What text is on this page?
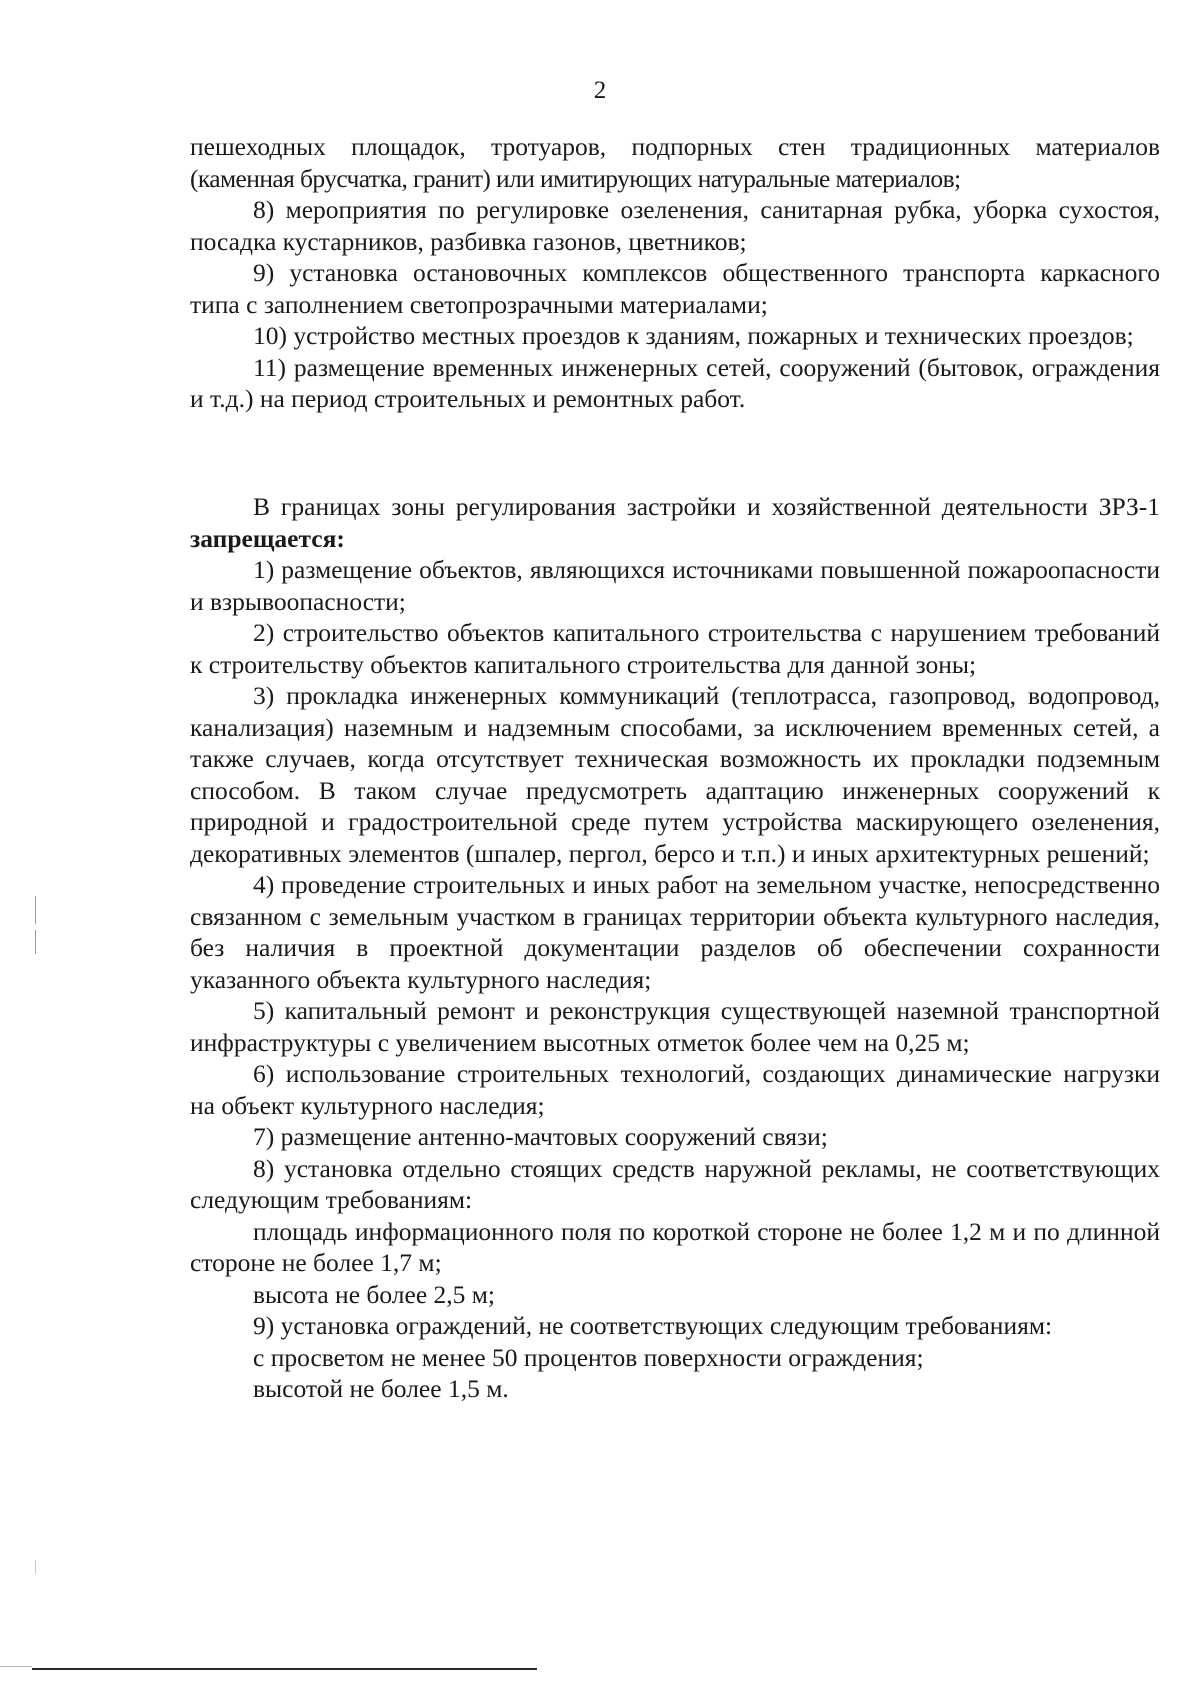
2

пешеходных площадок, тротуаров, подпорных стен традиционных материалов

(каменная брусчатка, гранит) или имитирующих натуральные материалов;

8) мероприятия по регулировке озеленения, санитарная рубка, уборка сухостоя, посадка кустарников, разбивка газонов, цветников;

9) установка остановочных комплексов общественного транспорта каркасного типа с заполнением светопрозрачными материалами;

10) устройство местных проездов к зданиям, пожарных и технических проездов;

11) размещение временных инженерных сетей, сооружений (бытовок, ограждения и т.д.) на период строительных и ремонтных работ.

В границах зоны регулирования застройки и хозяйственной деятельности ЗРЗ-1 запрещается:

1) размещение объектов, являющихся источниками повышенной пожароопасности и взрывоопасности;

2) строительство объектов капитального строительства с нарушением требований к строительству объектов капитального строительства для данной зоны;

3) прокладка инженерных коммуникаций (теплотрасса, газопровод, водопровод, канализация) наземным и надземным способами, за исключением временных сетей, а также случаев, когда отсутствует техническая возможность их прокладки подземным способом. В таком случае предусмотреть адаптацию инженерных сооружений к природной и градостроительной среде путем устройства маскирующего озеленения, декоративных элементов (шпалер, пергол, берсо и т.п.) и иных архитектурных решений;

4) проведение строительных и иных работ на земельном участке, непосредственно связанном с земельным участком в границах территории объекта культурного наследия, без наличия в проектной документации разделов об обеспечении сохранности указанного объекта культурного наследия;

5) капитальный ремонт и реконструкция существующей наземной транспортной инфраструктуры с увеличением высотных отметок более чем на 0,25 м;

6) использование строительных технологий, создающих динамические нагрузки на объект культурного наследия;

7) размещение антенно-мачтовых сооружений связи;

8) установка отдельно стоящих средств наружной рекламы, не соответствующих следующим требованиям:

площадь информационного поля по короткой стороне не более 1,2 м и по длинной стороне не более 1,7 м;

высота не более 2,5 м;

9) установка ограждений, не соответствующих следующим требованиям:

с просветом не менее 50 процентов поверхности ограждения;

высотой не более 1,5 м.
